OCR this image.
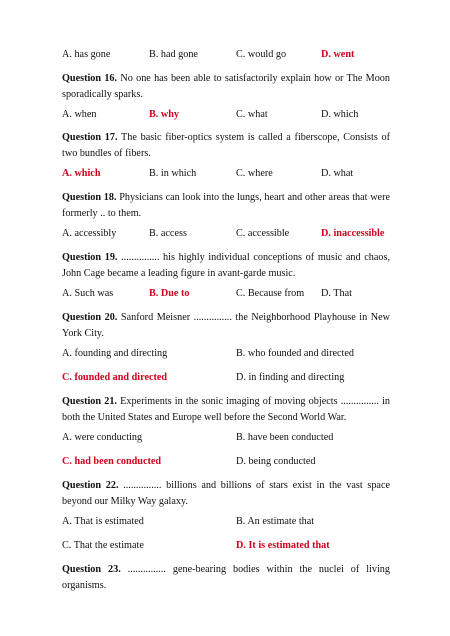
A. has gone	B. had gone	C. would go	D. went
Question 16. No one has been able to satisfactorily explain how or The Moon sporadically sparks.
A. when	B. why	C. what	D. which
Question 17. The basic fiber-optics system is called a fiberscope, Consists of two bundles of fibers.
A. which	B. in which	C. where	D. what
Question 18. Physicians can look into the lungs, heart and other areas that were formerly .. to them.
A. accessibly	B. access	C. accessible	D. inaccessible
Question 19. ............... his highly individual conceptions of music and chaos, John Cage became a leading figure in avant-garde music.
A. Such was	B. Due to	C. Because from D. That
Question 20. Sanford Meisner ............... the Neighborhood Playhouse in New York City.
A. founding and directing	B. who founded and directed
C. founded and directed	D. in finding and directing
Question 21. Experiments in the sonic imaging of moving objects ............... in both the United States and Europe well before the Second World War.
A. were conducting	B. have been conducted
C. had been conducted	D. being conducted
Question 22. ............... billions and billions of stars exist in the vast space beyond our Milky Way galaxy.
A. That is estimated	B. An estimate that
C. That the estimate	D. It is estimated that
Question 23. ............... gene-bearing bodies within the nuclei of living organisms.
